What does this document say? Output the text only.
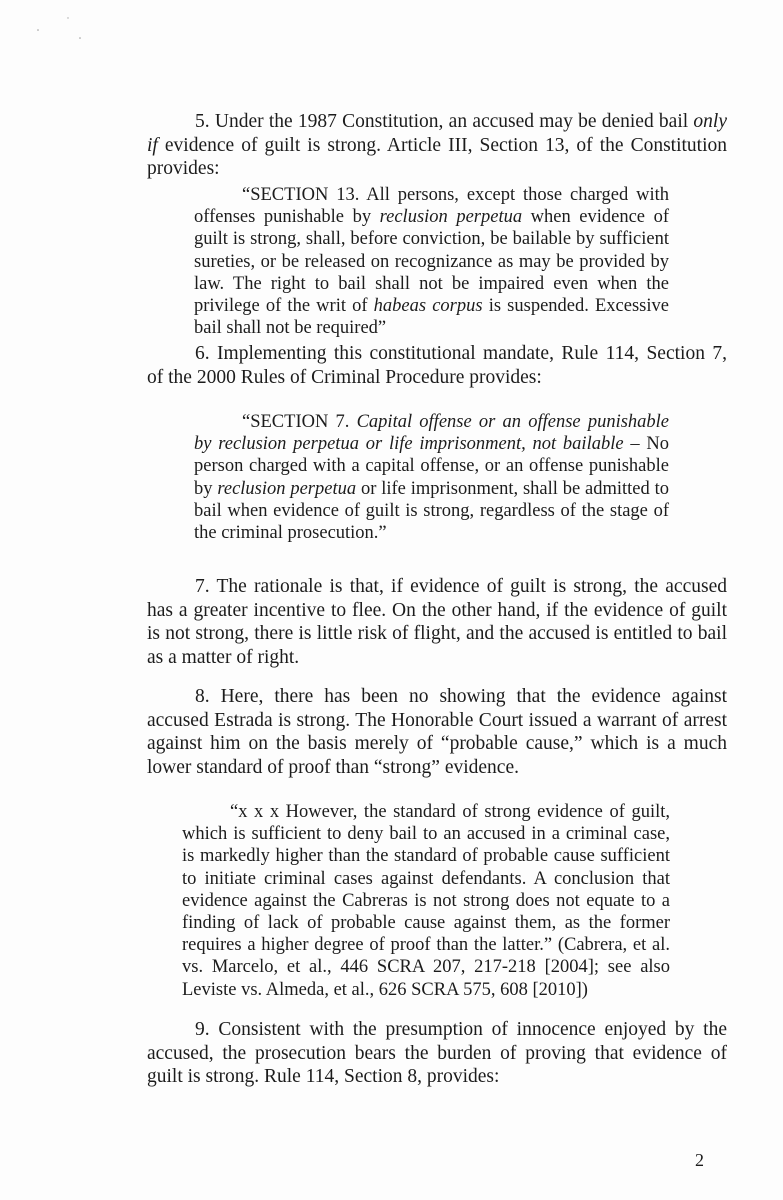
5. Under the 1987 Constitution, an accused may be denied bail only if evidence of guilt is strong. Article III, Section 13, of the Constitution provides:

“SECTION 13. All persons, except those charged with offenses punishable by reclusion perpetua when evidence of guilt is strong, shall, before conviction, be bailable by sufficient sureties, or be released on recognizance as may be provided by law. The right to bail shall not be impaired even when the privilege of the writ of habeas corpus is suspended. Excessive bail shall not be required”

6. Implementing this constitutional mandate, Rule 114, Section 7, of the 2000 Rules of Criminal Procedure provides:

“SECTION 7. Capital offense or an offense punishable by reclusion perpetua or life imprisonment, not bailable – No person charged with a capital offense, or an offense punishable by reclusion perpetua or life imprisonment, shall be admitted to bail when evidence of guilt is strong, regardless of the stage of the criminal prosecution.”

7. The rationale is that, if evidence of guilt is strong, the accused has a greater incentive to flee. On the other hand, if the evidence of guilt is not strong, there is little risk of flight, and the accused is entitled to bail as a matter of right.

8. Here, there has been no showing that the evidence against accused Estrada is strong. The Honorable Court issued a warrant of arrest against him on the basis merely of “probable cause,” which is a much lower standard of proof than “strong” evidence.

“x x x However, the standard of strong evidence of guilt, which is sufficient to deny bail to an accused in a criminal case, is markedly higher than the standard of probable cause sufficient to initiate criminal cases against defendants. A conclusion that evidence against the Cabreras is not strong does not equate to a finding of lack of probable cause against them, as the former requires a higher degree of proof than the latter.” (Cabrera, et al. vs. Marcelo, et al., 446 SCRA 207, 217-218 [2004]; see also Leviste vs. Almeda, et al., 626 SCRA 575, 608 [2010])

9. Consistent with the presumption of innocence enjoyed by the accused, the prosecution bears the burden of proving that evidence of guilt is strong. Rule 114, Section 8, provides:

2
